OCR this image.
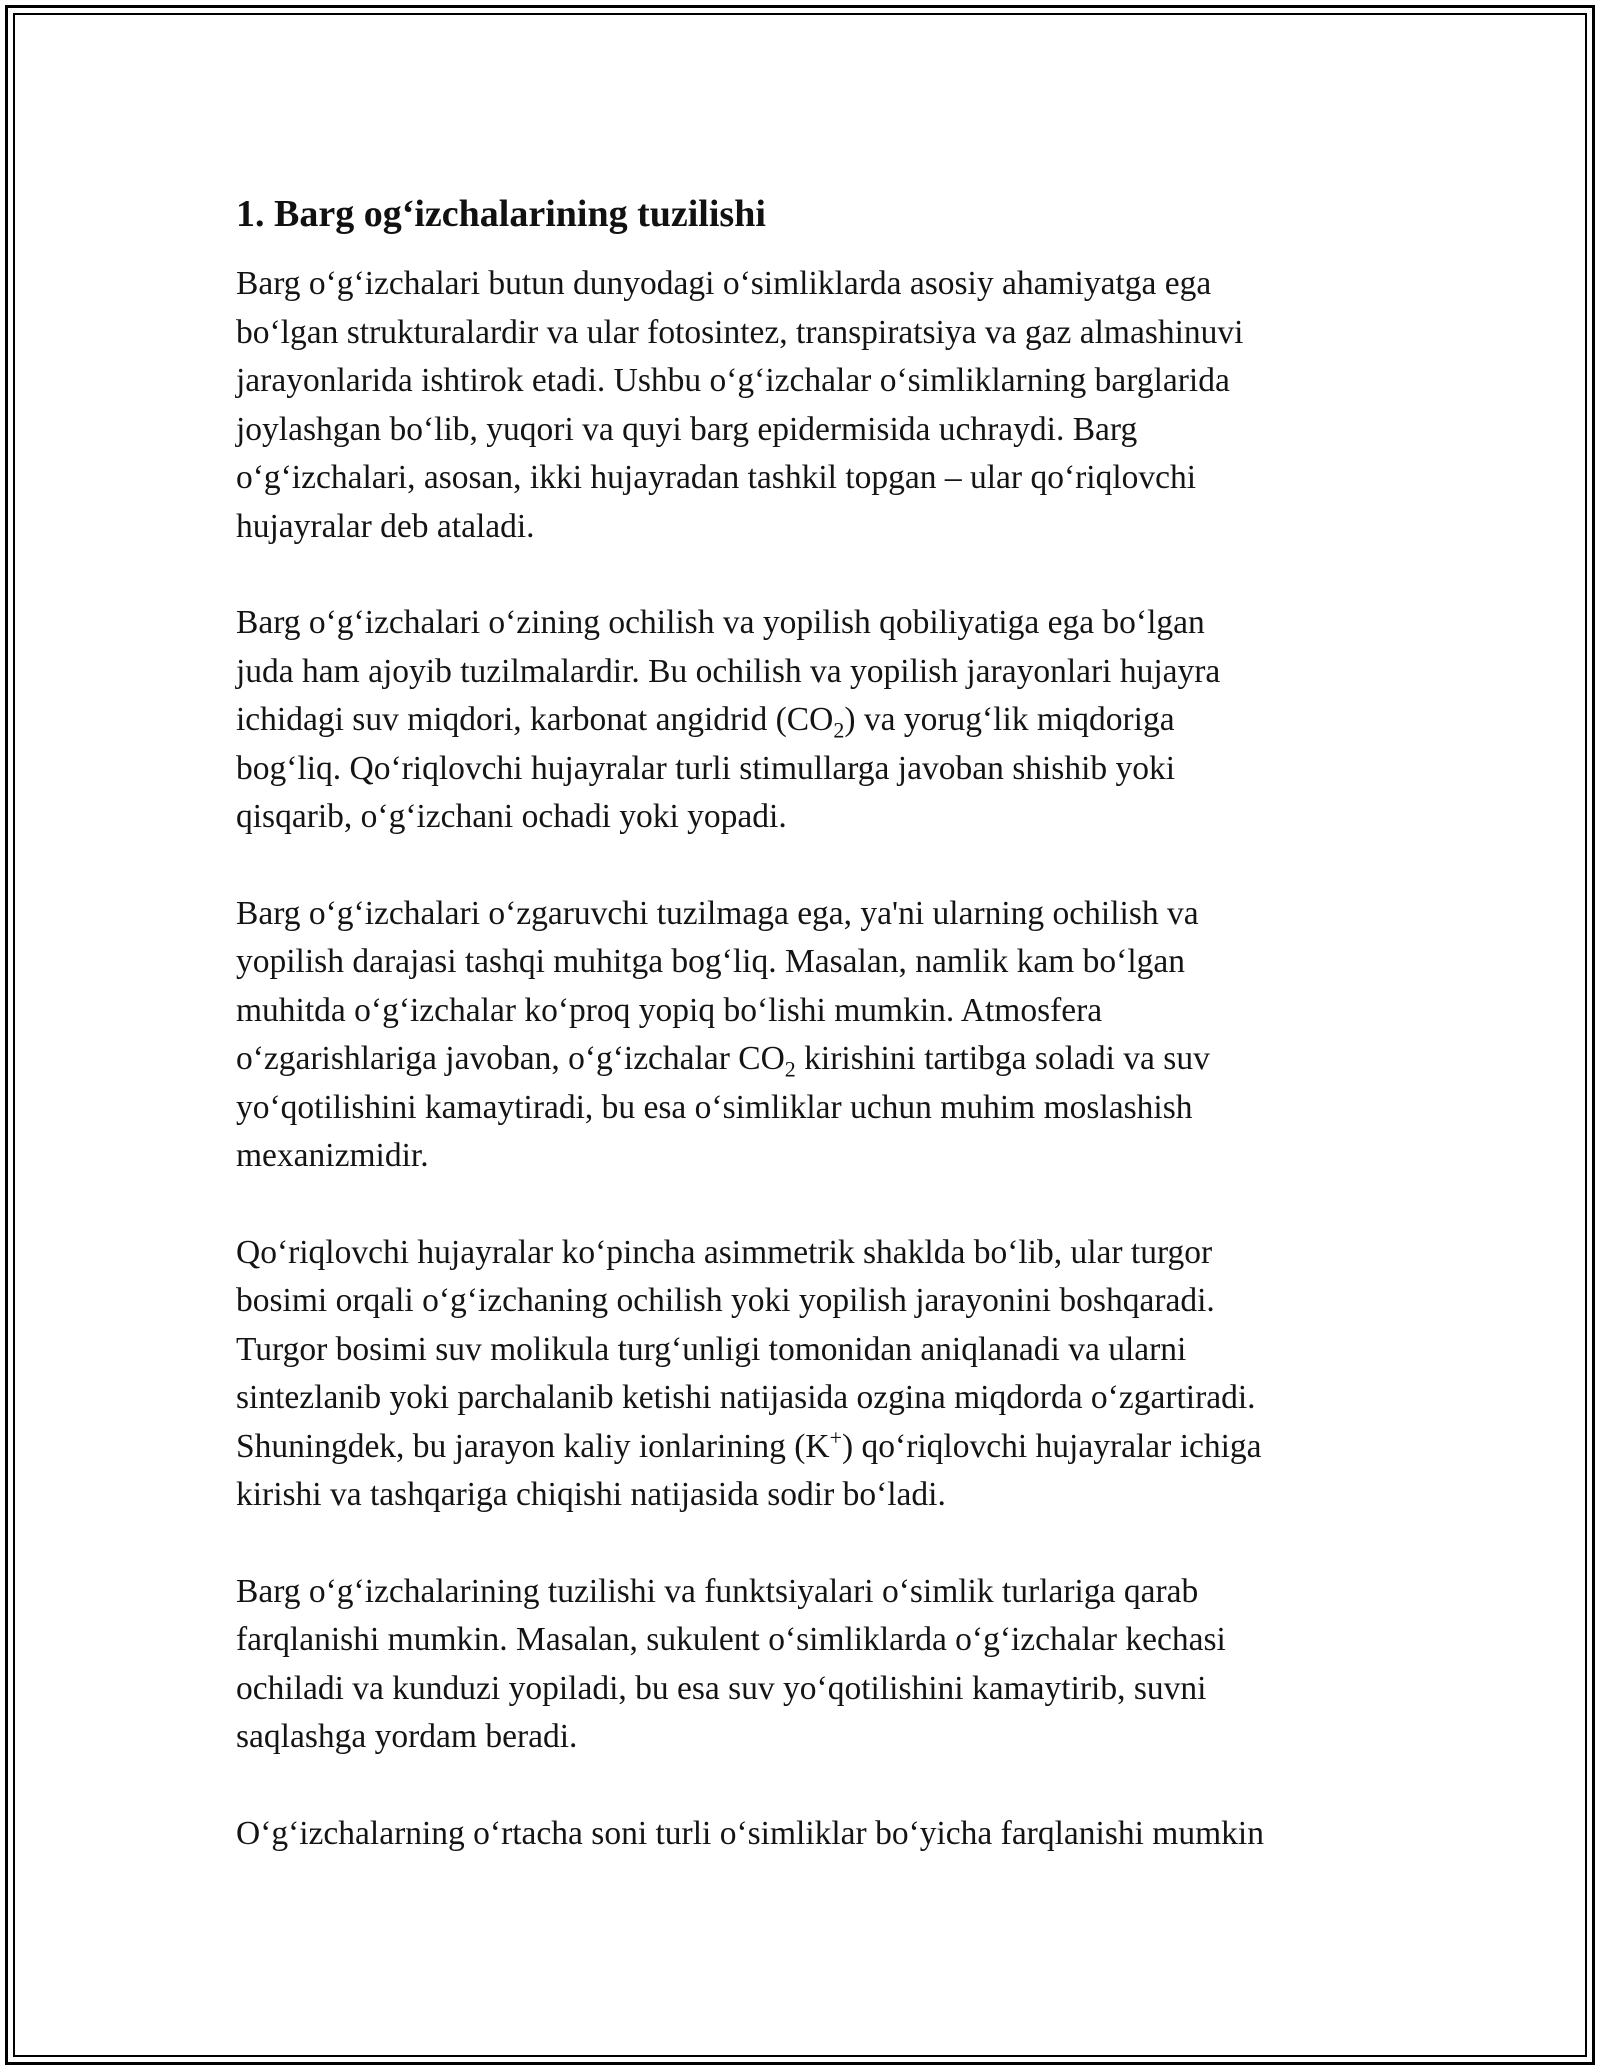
1. Barg og‘izchalarining tuzilishi

Barg o‘g‘izchalari butun dunyodagi o‘simliklarda asosiy ahamiyatga ega
bo‘lgan strukturalardir va ular fotosintez, transpiratsiya va gaz almashinuvi
jarayonlarida ishtirok etadi. Ushbu o‘g‘izchalar o‘simliklarning barglarida
joylashgan bo‘lib, yuqori va quyi barg epidermisida uchraydi. Barg
o‘g‘izchalari, asosan, ikki hujayradan tashkil topgan – ular qo‘riqlovchi
hujayralar deb ataladi.

Barg o‘g‘izchalari o‘zining ochilish va yopilish qobiliyatiga ega bo‘lgan
juda ham ajoyib tuzilmalardir. Bu ochilish va yopilish jarayonlari hujayra
ichidagi suv miqdori, karbonat angidrid $(CO_2)$ va yorug‘lik miqdoriga
bog‘liq. Qo‘riqlovchi hujayralar turli stimullarga javoban shishib yoki
qisqarib, o‘g‘izchani ochadi yoki yopadi.

Barg o‘g‘izchalari o‘zgaruvchi tuzilmaga ega, ya'ni ularning ochilish va
yopilish darajasi tashqi muhitga bog‘liq. Masalan, namlik kam bo‘lgan
muhitda o‘g‘izchalar ko‘proq yopiq bo‘lishi mumkin. Atmosfera
o‘zgarishlariga javoban, o‘g‘izchalar $CO_2$ kirishini tartibga soladi va suv
yo‘qotilishini kamaytiradi, bu esa o‘simliklar uchun muhim moslashish
mexanizmidir.

Qo‘riqlovchi hujayralar ko‘pincha asimmetrik shaklda bo‘lib, ular turgor
bosimi orqali o‘g‘izchaning ochilish yoki yopilish jarayonini boshqaradi.
Turgor bosimi suv molikula turg‘unligi tomonidan aniqlanadi va ularni
sintezlanib yoki parchalanib ketishi natijasida ozgina miqdorda o‘zgartiradi.
Shuningdek, bu jarayon kaliy ionlarining (K+) qo‘riqlovchi hujayralar ichiga
kirishi va tashqariga chiqishi natijasida sodir bo‘ladi.

Barg o‘g‘izchalarining tuzilishi va funktsiyalari o‘simlik turlariga qarab
farqlanishi mumkin. Masalan, sukulent o‘simliklarda o‘g‘izchalar kechasi
ochiladi va kunduzi yopiladi, bu esa suv yo‘qotilishini kamaytirib, suvni
saqlashga yordam beradi.

O‘g‘izchalarning o‘rtacha soni turli o‘simliklar bo‘yicha farqlanishi mumkin
